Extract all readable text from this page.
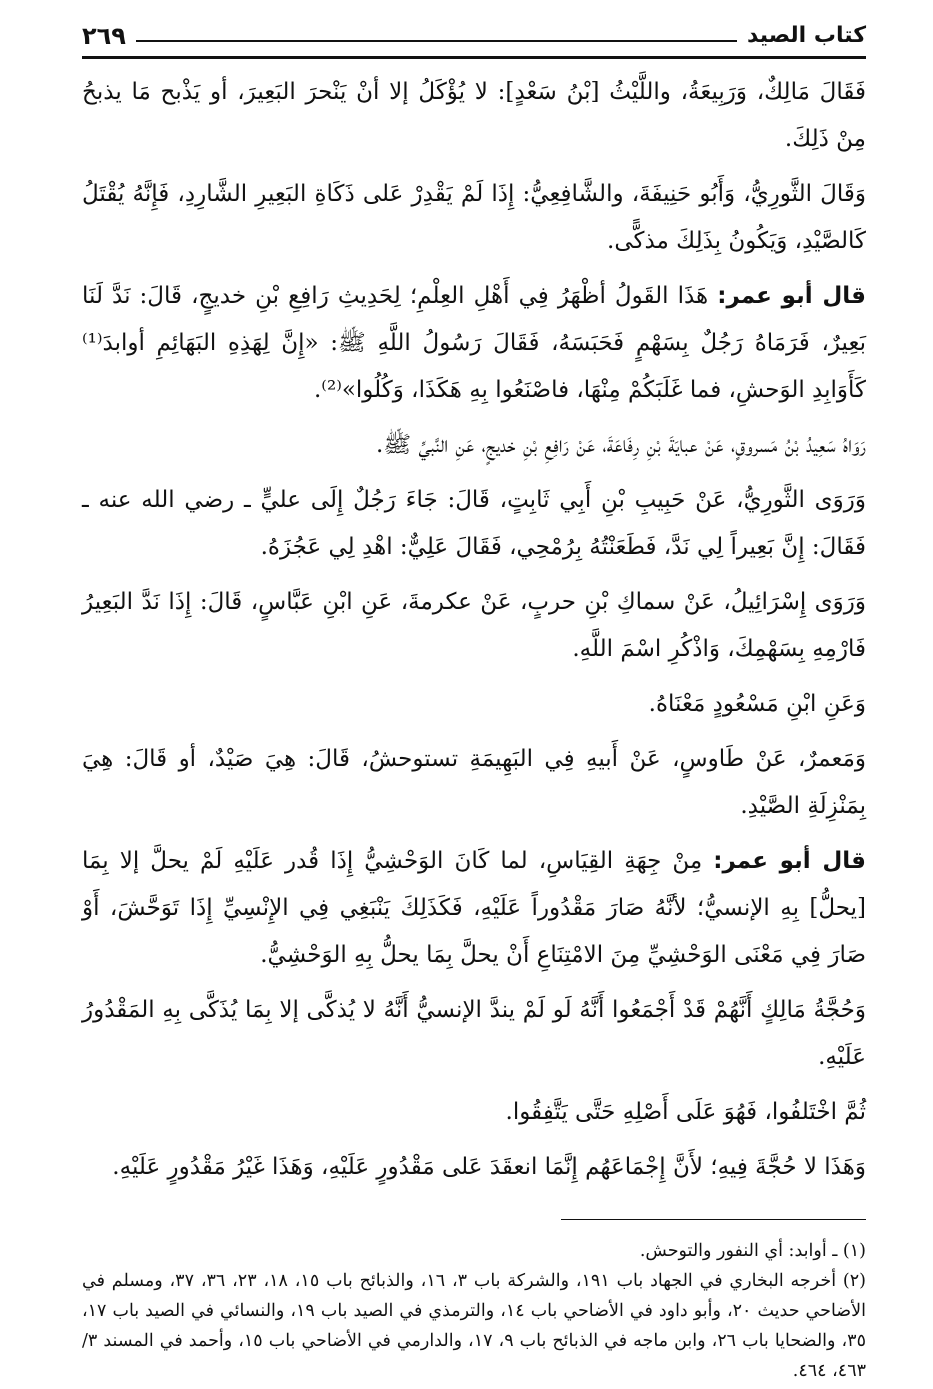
كتاب الصيد
٢٦٩

فَقَالَ مَالِكٌ، وَرَبِيعَةُ، واللَّيْثُ [بْنُ سَعْدٍ]: لا يُؤْكَلُ إلا أنْ يَنْحرَ البَعِيرَ، أو يَذْبح مَا يذبحُ مِنْ ذَلِكَ.

وَقَالَ الثَّورِيُّ، وَأَبُو حَنِيفَةَ، والشَّافِعِيُّ: إِذَا لَمْ يَقْدِرْ عَلى ذَكَاةِ البَعِيرِ الشَّارِدِ، فَإِنَّهُ يُقْتَلُ كَالصَّيْدِ، وَيَكُونُ بِذَلِكَ مذكًّى.

قال أبو عمر: هَذَا القَولُ أظْهَرُ فِي أَهْلِ العِلْمِ؛ لِحَدِيثِ رَافِعِ بْنِ خديجٍ، قَالَ: نَدَّ لَنَا بَعِيرٌ، فَرَمَاهُ رَجُلٌ بِسَهْمٍ فَحَبَسَهُ، فَقَالَ رَسُولُ اللَّهِ ﷺ: «إِنَّ لِهَذِهِ البَهَائِمِ أوابدَ⁽¹⁾ كَأَوَابِدِ الوَحشِ، فما غَلَبَكُمْ مِنْهَا، فاصْنَعُوا بِهِ هَكَذَا، وَكُلُوا»⁽²⁾.

رَوَاهُ سَعِيدُ بْنُ مَسروقٍ، عَنْ عبايَةَ بْنِ رِفَاعَةَ، عَنْ رَافِعِ بْنِ خديجٍ، عَنِ النَّبيِّ ﷺ.

وَرَوَى الثَّورِيُّ، عَنْ حَبِيبِ بْنِ أَبِي ثَابِتٍ، قَالَ: جَاءَ رَجُلٌ إِلَى عليٍّ ـ رضي الله عنه ـ فَقَالَ: إِنَّ بَعِيراً لِي نَدَّ، فَطَعَنْتُهُ بِرُمْحِي، فَقَالَ عَلِيٌّ: اهْدِ لِي عَجُزَهُ.

وَرَوَى إِسْرَائِيلُ، عَنْ سماكِ بْنِ حربٍ، عَنْ عكرمةَ، عَنِ ابْنِ عَبَّاسٍ، قَالَ: إِذَا نَدَّ البَعِيرُ فَارْمِهِ بِسَهْمِكَ، وَاذْكُرِ اسْمَ اللَّهِ.

وَعَنِ ابْنِ مَسْعُودٍ مَعْنَاهُ.

وَمَعمرٌ، عَنْ طَاوسٍ، عَنْ أَبيهِ فِي البَهِيمَةِ تستوحشُ، قَالَ: هِيَ صَيْدٌ، أو قَالَ: هِيَ بِمَنْزِلَةِ الصَّيْدِ.

قال أبو عمر: مِنْ جِهَةِ القِيَاسِ، لما كَانَ الوَحْشِيُّ إِذَا قُدر عَلَيْهِ لَمْ يحلَّ إلا بِمَا [يحلُّ] بِهِ الإنسيُّ؛ لأنَّهُ صَارَ مَقْدُوراً عَلَيْهِ، فَكَذَلِكَ يَنْبَغِي فِي الإِنْسِيِّ إِذَا تَوَحَّشَ، أَوْ صَارَ فِي مَعْنَى الوَحْشِيِّ مِنَ الامْتِنَاعِ أَنْ يحلَّ بِمَا يحلُّ بِهِ الوَحْشِيُّ.

وَحُجَّةُ مَالِكٍ أَنَّهُمْ قَدْ أَجْمَعُوا أَنَّهُ لَو لَمْ يندَّ الإنسيُّ أَنَّهُ لا يُذكَّى إلا بِمَا يُذَكَّى بِهِ المَقْدُورُ عَلَيْهِ.

ثُمَّ اخْتَلفُوا، فَهُوَ عَلَى أَصْلِهِ حَتَّى يَتَّفِقُوا.

وَهَذَا لا حُجَّةَ فِيهِ؛ لأَنَّ إِجْمَاعَهُم إِنَّمَا انعقَدَ عَلى مَقْدُورٍ عَلَيْهِ، وَهَذَا غَيْرُ مَقْدُورٍ عَلَيْهِ.

(١) ـ أوابد: أي النفور والتوحش.

(٢) أخرجه البخاري في الجهاد باب ١٩١، والشركة باب ٣، ١٦، والذبائح باب ١٥، ١٨، ٢٣، ٣٦، ٣٧، ومسلم في الأضاحي حديث ٢٠، وأبو داود في الأضاحي باب ١٤، والترمذي في الصيد باب ١٩، والنسائي في الصيد باب ١٧، ٣٥، والضحايا باب ٢٦، وابن ماجه في الذبائح باب ٩، ١٧، والدارمي في الأضاحي باب ١٥، وأحمد في المسند ٣/ ٤٦٣، ٤٦٤.
